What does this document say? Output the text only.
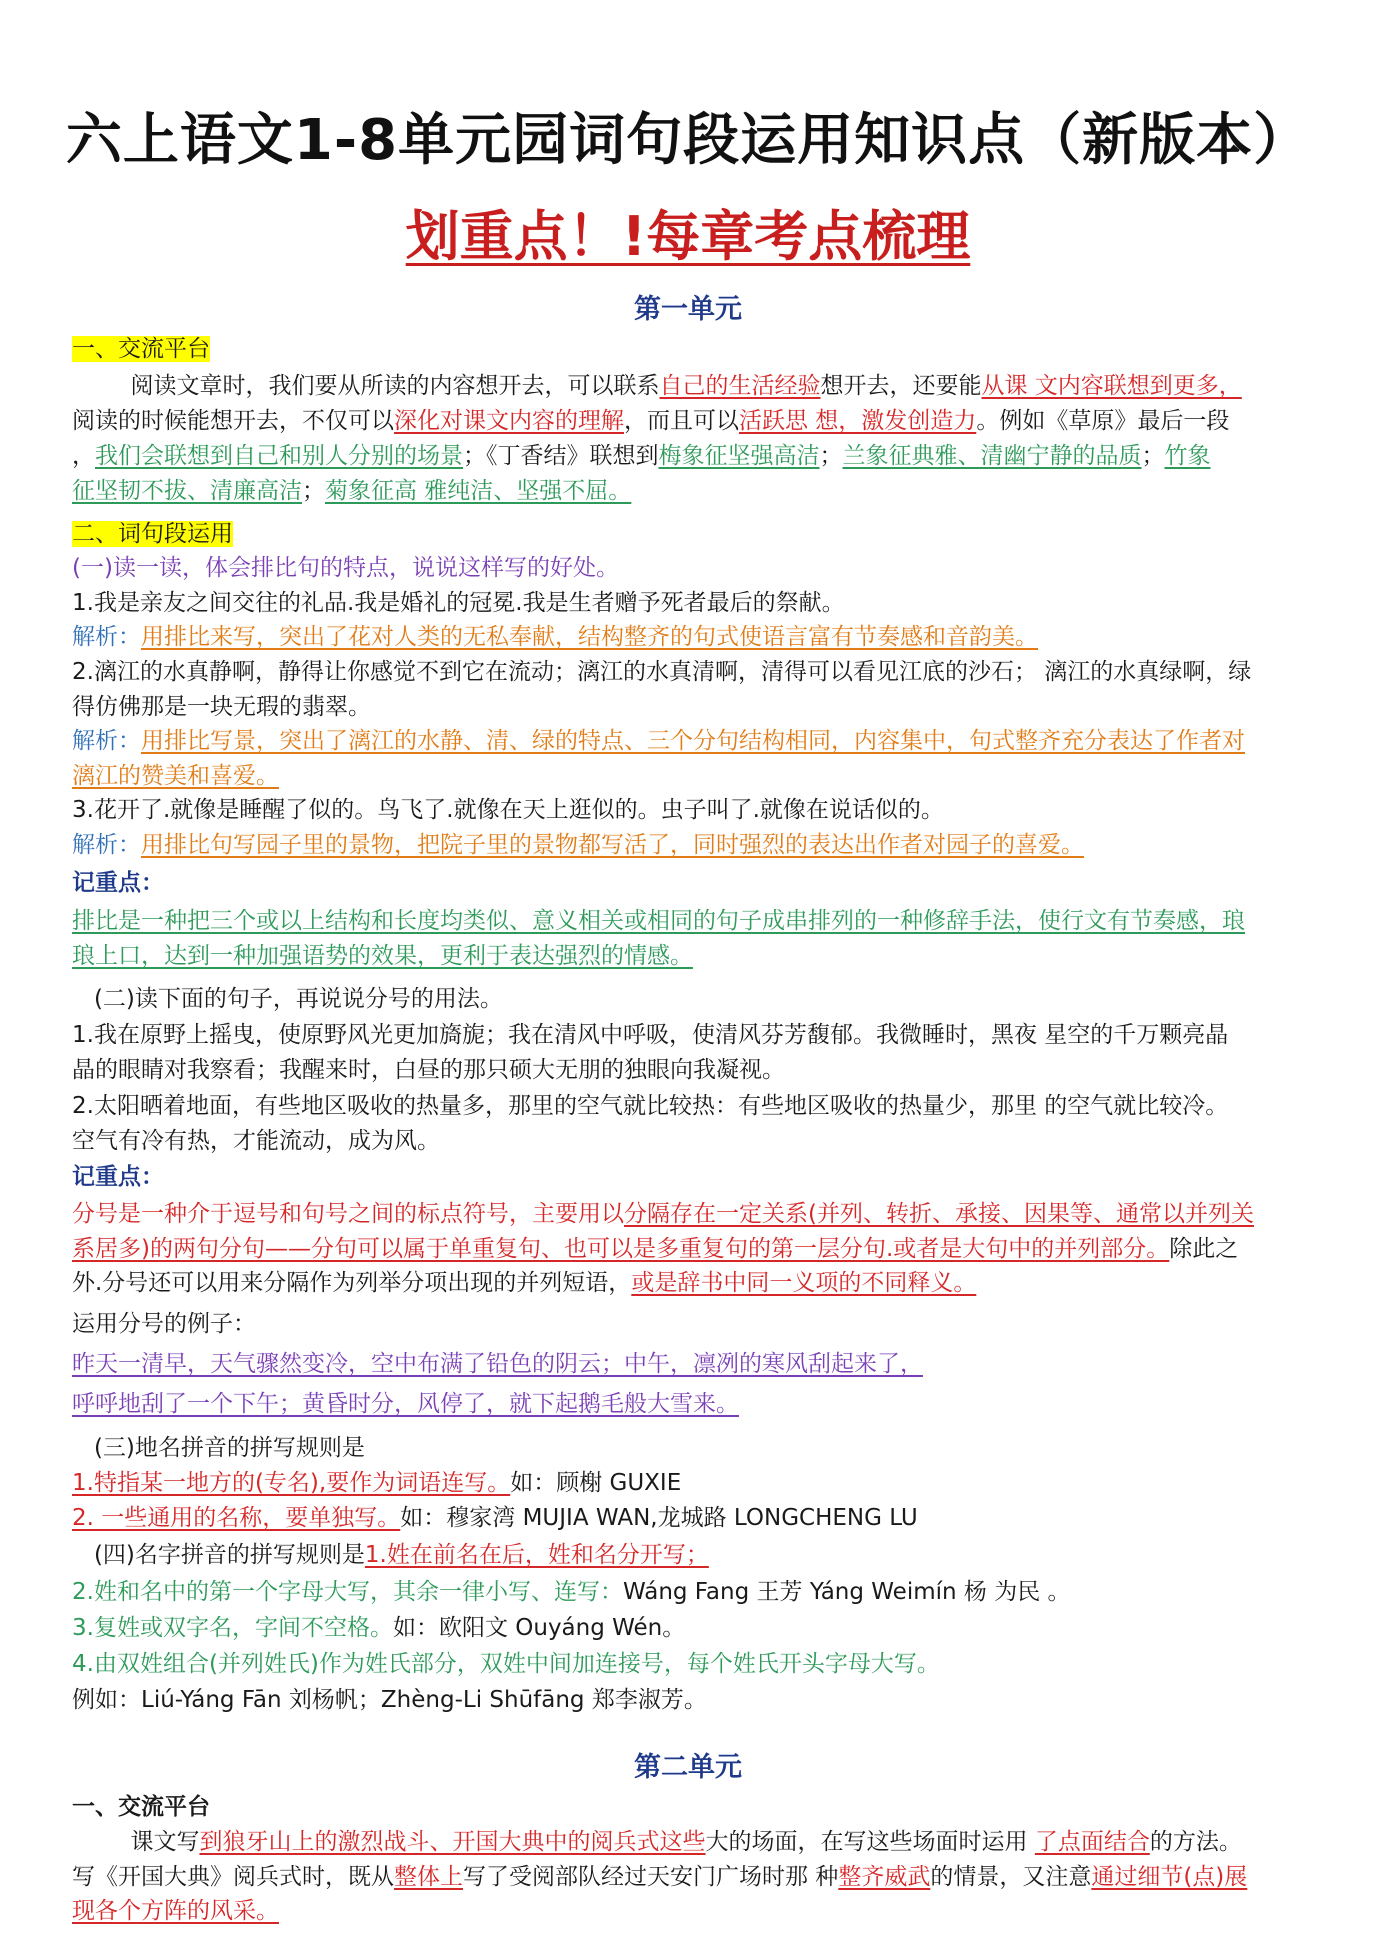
六上语文1-8单元园词句段运用知识点（新版本）
划重点！!每章考点梳理
第一单元
一、交流平台
阅读文章时，我们要从所读的内容想开去，可以联系自己的生活经验想开去，还要能从课 文内容联想到更多，
阅读的时候能想开去，不仅可以深化对课文内容的理解，而且可以活跃思 想，激发创造力。例如《草原》最后一段
，我们会联想到自己和别人分别的场景；《丁香结》联想到梅象征坚强高洁；兰象征典雅、清幽宁静的品质；竹象
征坚韧不拔、清廉高洁；菊象征高 雅纯洁、坚强不屈。
二、词句段运用
(一)读一读，体会排比句的特点，说说这样写的好处。
1.我是亲友之间交往的礼品.我是婚礼的冠冕.我是生者赠予死者最后的祭献。
解析：用排比来写，突出了花对人类的无私奉献，结构整齐的句式使语言富有节奏感和音韵美。
2.漓江的水真静啊，静得让你感觉不到它在流动；漓江的水真清啊，清得可以看见江底的沙石； 漓江的水真绿啊，绿
得仿佛那是一块无瑕的翡翠。
解析：用排比写景，突出了漓江的水静、清、绿的特点、三个分句结构相同，内容集中，句式整齐充分表达了作者对
漓江的赞美和喜爱。
3.花开了.就像是睡醒了似的。鸟飞了.就像在天上逛似的。虫子叫了.就像在说话似的。
解析：用排比句写园子里的景物，把院子里的景物都写活了，同时强烈的表达出作者对园子的喜爱。
记重点：
排比是一种把三个或以上结构和长度均类似、意义相关或相同的句子成串排列的一种修辞手法，使行文有节奏感，琅
琅上口，达到一种加强语势的效果，更利于表达强烈的情感。
(二)读下面的句子，再说说分号的用法。
1.我在原野上摇曳，使原野风光更加旖旎；我在清风中呼吸，使清风芬芳馥郁。我微睡时，黑夜 星空的千万颗亮晶
晶的眼睛对我察看；我醒来时，白昼的那只硕大无朋的独眼向我凝视。
2.太阳晒着地面，有些地区吸收的热量多，那里的空气就比较热：有些地区吸收的热量少，那里 的空气就比较冷。
空气有冷有热，才能流动，成为风。
记重点：
分号是一种介于逗号和句号之间的标点符号，主要用以分隔存在一定关系(并列、转折、承接、因果等、通常以并列关
系居多)的两句分句——分句可以属于单重复句、也可以是多重复句的第一层分句.或者是大句中的并列部分。除此之
外.分号还可以用来分隔作为列举分项出现的并列短语，或是辞书中同一义项的不同释义。
运用分号的例子：
昨天一清早，天气骤然变冷，空中布满了铅色的阴云；中午，凛冽的寒风刮起来了，
呼呼地刮了一个下午；黄昏时分，风停了，就下起鹅毛般大雪来。
(三)地名拼音的拼写规则是
1.特指某一地方的(专名),要作为词语连写。如：顾榭 GUXIE
2. 一些通用的名称，要单独写。如：穆家湾 MUJIA WAN,龙城路 LONGCHENG LU
(四)名字拼音的拼写规则是1.姓在前名在后，姓和名分开写；
2.姓和名中的第一个字母大写，其余一律小写、连写：Wáng Fang 王芳 Yáng Weimín 杨 为民 。
3.复姓或双字名，字间不空格。如：欧阳文 Ouyáng Wén。
4.由双姓组合(并列姓氏)作为姓氏部分，双姓中间加连接号，每个姓氏开头字母大写。
例如：Liú-Yáng Fān 刘杨帆；Zhèng-Li Shūfāng 郑李淑芳。
第二单元
一、交流平台
课文写到狼牙山上的激烈战斗、开国大典中的阅兵式这些大的场面，在写这些场面时运用 了点面结合的方法。
写《开国大典》阅兵式时，既从整体上写了受阅部队经过天安门广场时那 种整齐威武的情景，又注意通过细节(点)展
现各个方阵的风采。
